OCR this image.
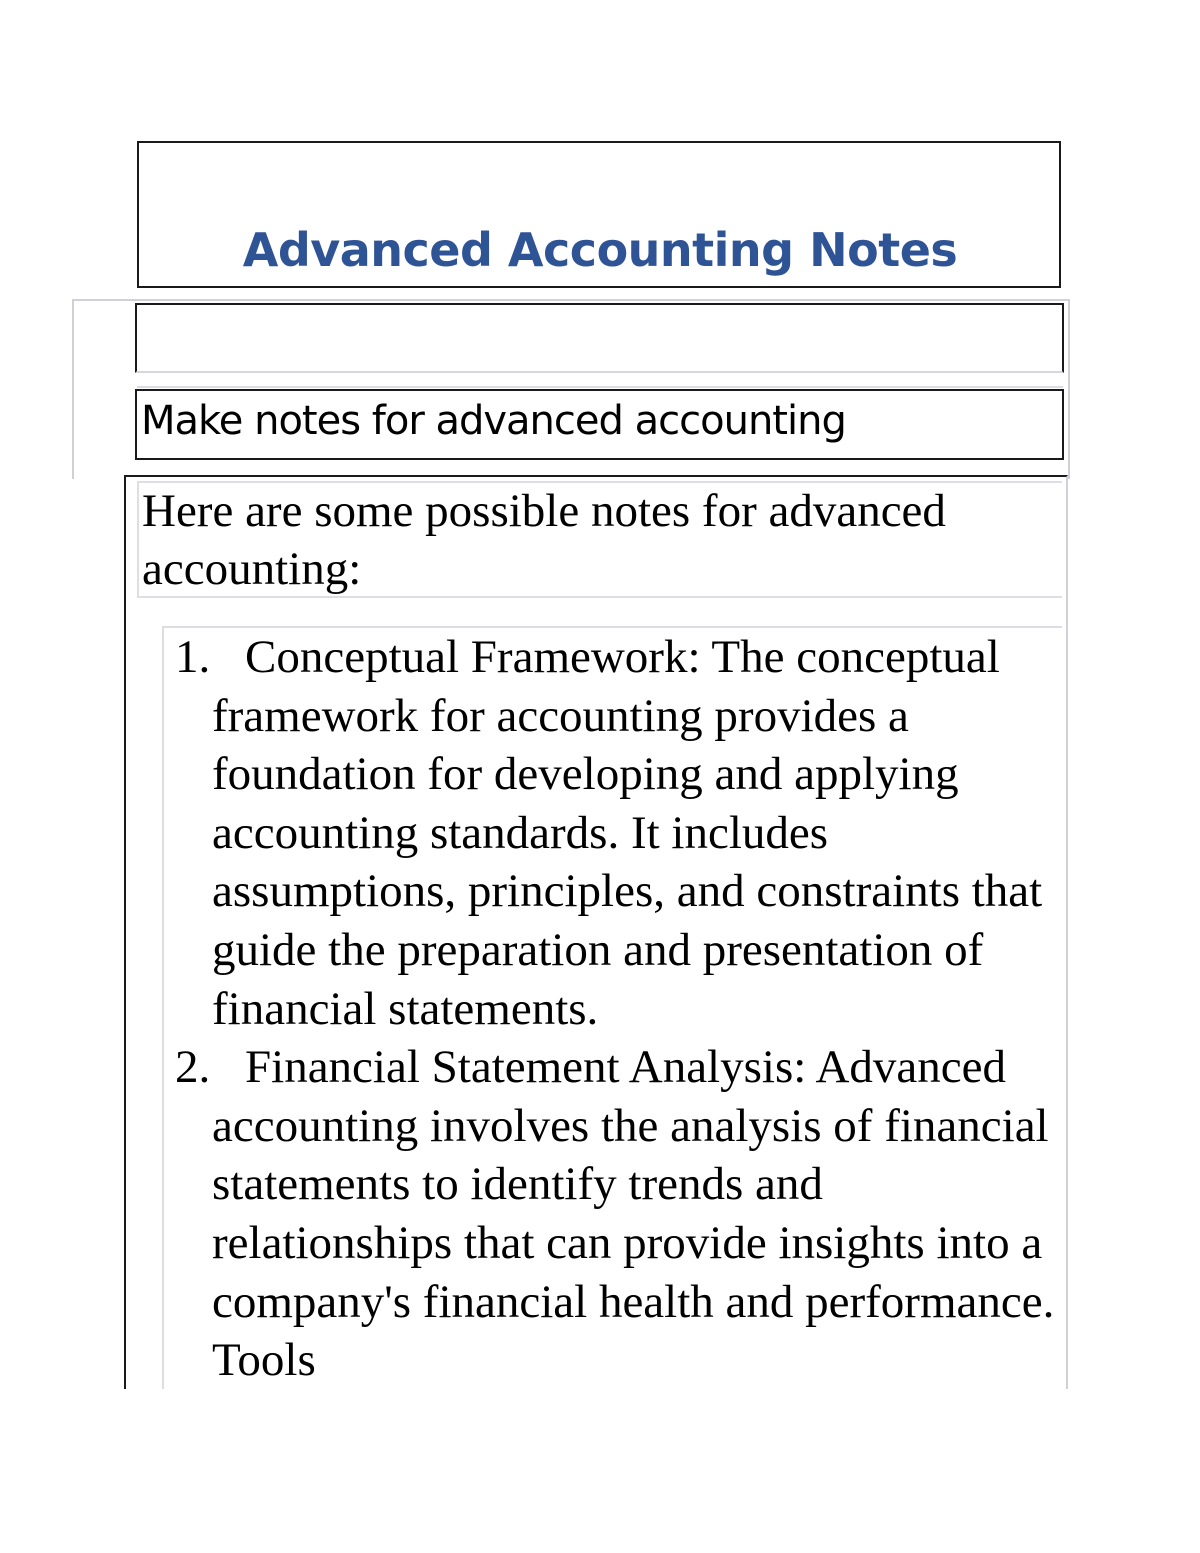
Advanced Accounting Notes
Make notes for advanced accounting
Here are some possible notes for advanced accounting:

1. Conceptual Framework: The conceptual framework for accounting provides a foundation for developing and applying accounting standards. It includes assumptions, principles, and constraints that guide the preparation and presentation of financial statements.

2. Financial Statement Analysis: Advanced accounting involves the analysis of financial statements to identify trends and relationships that can provide insights into a company's financial health and performance. Tools
